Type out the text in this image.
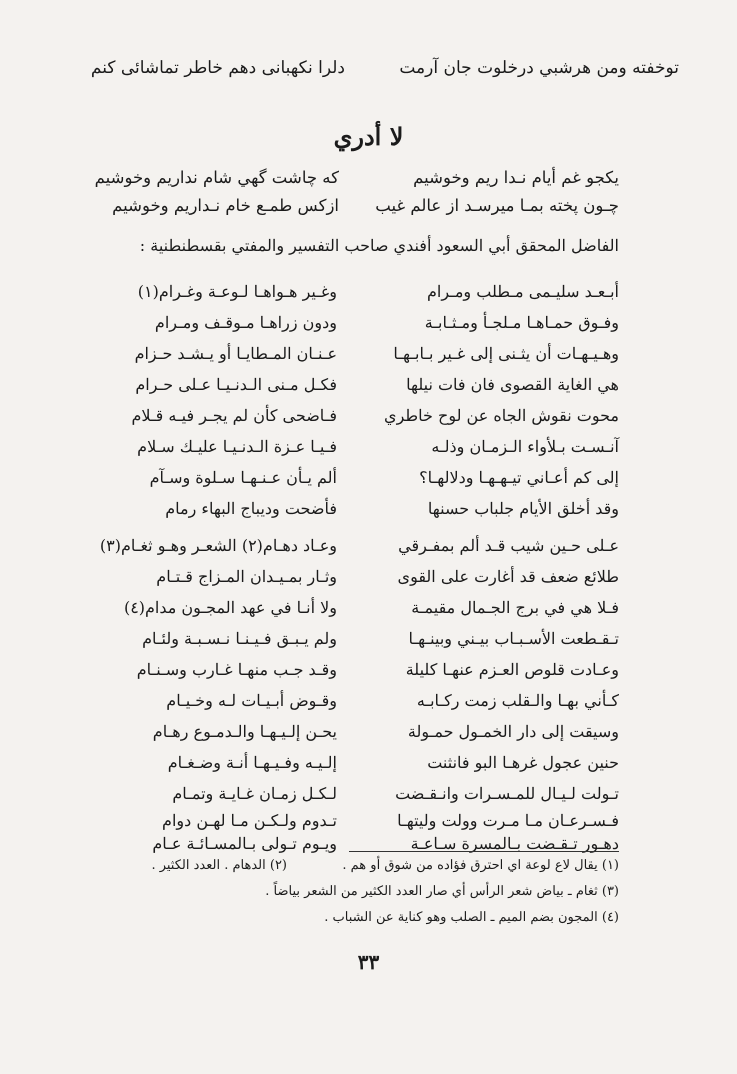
توخفته ومن هرشبي درخلوت جان آرمت
دلرا نكهبانى دهم خاطر تماشائى كنم
لا أدري
يكجو غم أيام نـدا ريم وخوشيم
كه چاشت گهي شام نداريم وخوشيم
چـون پخته بمـا ميرسـد از عالم غيب
ازكس طمـع خام نـداريم وخوشيم
الفاضل المحقق أبي السعود أفندي صاحب التفسير والمفتي بقسطنطنية :
أبـعـد سليـمى مـطلب ومـرام
وفـوق حمـاهـا مـلجـأ ومـثـابـة
وهـيـهـات أن يثـنى إلى غـير بـابـهـا
هي الغاية القصوى فان فات نيلها
محوت نقوش الجاه عن لوح خاطري
آنـسـت بـلأواء الـزمـان وذلـه
إلى كم أعـاني تيـهـهـا ودلالهـا؟
وقد أخلق الأيام جلباب حسنها
عـلى حـين شيب قـد ألم بمفـرقي
طلائع ضعف قد أغارت على القوى
فـلا هي في برج الجـمال مقيمـة
تـقـطعت الأسـبـاب بيـني وبينـهـا
وعـادت قلوص العـزم عنهـا كليلة
كـأني بهـا والـقلب زمت ركـابـه
وسيقت إلى دار الخمـول حمـولة
حنين عجول غرهـا البو فانثنت
تـولت لـيـال للمـسـرات وانـقـضت
فـسـرعـان مـا مـرت وولت وليتهـا
دهـور تـقـضت بـالمسرة سـاعـة
وغـير هـواهـا لـوعـة وغـرام(١)
ودون زراهـا مـوقـف ومـرام
عـنـان المـطايـا أو يـشـد حـزام
فكـل مـنى الـدنـيـا عـلى حـرام
فـاضحى كأن لم يجـر فيـه قـلام
فـيـا عـزة الـدنـيـا عليـك سـلام
ألم يـأن عـنـهـا سـلوة وسـآم
فأضحت وديباج البهاء رمام
وعـاد دهـام(٢) الشعـر وهـو ثغـام(٣)
وثـار بمـيـدان المـزاج قـتـام
ولا أنـا في عهد المجـون مدام(٤)
ولم يـبـق فـيـنـا نـسـبـة ولئـام
وقـد جـب منهـا غـارب وسـنـام
وقـوض أبـيـات لـه وخـيـام
يحـن إلـيـهـا والـدمـوع رهـام
إلـيـه وفـيـهـا أنـة وضـغـام
لـكـل زمـان غـايـة وتمـام
تـدوم ولـكـن مـا لهـن دوام
ويـوم تـولى بـالمسـائـة عـام
(١) يقال لاع لوعة اي احترق فؤاده من شوق أو هم .
(٢) الدهام . العدد الكثير .
(٣) ثغام ـ بياض شعر الرأس أي صار العدد الكثير من الشعر بياضاً .
(٤) المجون بضم الميم ـ الصلب وهو كناية عن الشباب .
٣٣
